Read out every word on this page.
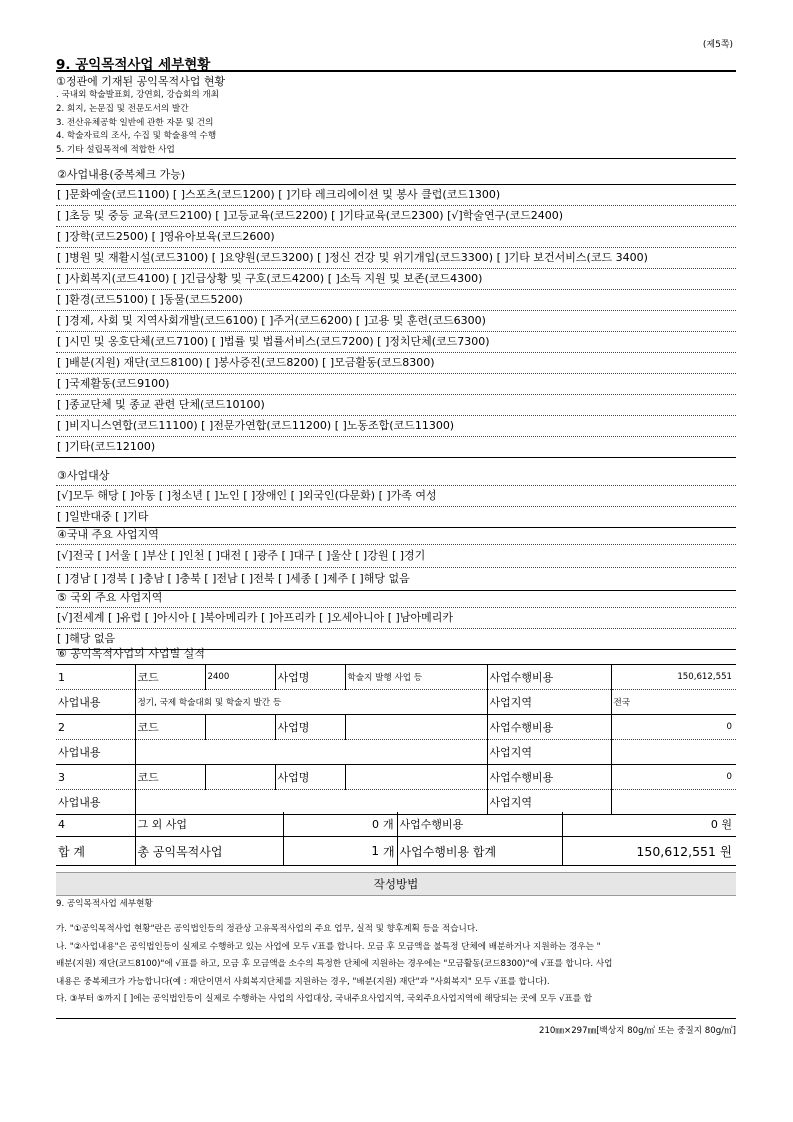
(제5쪽)
9. 공익목적사업 세부현황
①정관에 기재된 공익목적사업 현황
. 국내외 학술발표회, 강연회, 강습회의 개최
2. 회지, 논문집 및 전문도서의 발간
3. 전산유체공학 일반에 관한 자문 및 건의
4. 학술자료의 조사, 수집 및 학술용역 수행
5. 기타 설립목적에 적합한 사업
②사업내용(중복체크 가능)
[ ]문화예술(코드1100) [ ]스포츠(코드1200) [ ]기타 레크리에이션 및 봉사 클럽(코드1300)
[ ]초등 및 중등 교육(코드2100) [ ]고등교육(코드2200) [ ]기타교육(코드2300) [√]학술연구(코드2400)
[ ]장학(코드2500) [ ]영유아보육(코드2600)
[ ]병원 및 재활시설(코드3100) [ ]요양원(코드3200) [ ]정신 건강 및 위기개입(코드3300) [ ]기타 보건서비스(코드 3400)
[ ]사회복지(코드4100) [ ]긴급상황 및 구호(코드4200) [ ]소득 지원 및 보존(코드4300)
[ ]환경(코드5100) [ ]동물(코드5200)
[ ]경제, 사회 및 지역사회개발(코드6100) [ ]주거(코드6200) [ ]고용 및 훈련(코드6300)
[ ]시민 및 옹호단체(코드7100) [ ]법률 및 법률서비스(코드7200) [ ]정치단체(코드7300)
[ ]배분(지원) 재단(코드8100) [ ]봉사증진(코드8200) [ ]모금활동(코드8300)
[ ]국제활동(코드9100)
[ ]종교단체 및 종교 관련 단체(코드10100)
[ ]비지니스연합(코드11100) [ ]전문가연합(코드11200) [ ]노동조합(코드11300)
[ ]기타(코드12100)
③사업대상
[√]모두 해당 [ ]아동 [ ]청소년 [ ]노인 [ ]장애인 [ ]외국인(다문화) [ ]가족 여성
[ ]일반대중 [ ]기타
④국내 주요 사업지역
[√]전국 [ ]서울 [ ]부산 [ ]인천 [ ]대전 [ ]광주 [ ]대구 [ ]울산 [ ]강원 [ ]경기
[ ]경남 [ ]경북 [ ]충남 [ ]충북 [ ]전남 [ ]전북 [ ]세종 [ ]제주 [ ]해당 없음
⑤ 국외 주요 사업지역
[√]전세계 [ ]유럽 [ ]아시아 [ ]북아메리카 [ ]아프리카 [ ]오세아니아 [ ]남아메리카
[ ]해당 없음
⑥ 공익목적사업의 사업별 실적
1	코드	2400	사업명	학술지 발행 사업 등	사업수행비용	150,612,551
사업내용	정기, 국제 학술대회 및 학술지 발간 등				사업지역	전국
2	코드		사업명		사업수행비용	0
사업내용					사업지역	
3	코드		사업명		사업수행비용	0
사업내용					사업지역	
4	그 외 사업	0	개	사업수행비용	0 원
합 계	총 공익목적사업	1	개	사업수행비용 합계	150,612,551 원
작성방법
9. 공익목적사업 세부현황
가. "①공익목적사업 현황"란은 공익법인등의 정관상 고유목적사업의 주요 업무, 실적 및 향후계획 등을 적습니다.
나. "②사업내용"은 공익법인등이 실제로 수행하고 있는 사업에 모두 √표를 합니다. 모금 후 모금액을 불특정 단체에 배분하거나 지원하는 경우는 "
배분(지원) 재단(코드8100)"에 √표를 하고, 모금 후 모금액을 소수의 특정한 단체에 지원하는 경우에는 "모금활동(코드8300)"에 √표를 합니다. 사업
내용은 중복체크가 가능합니다(예 : 재단이면서 사회복지단체를 지원하는 경우, "배분(지원) 재단"과 "사회복지" 모두 √표를 합니다).
다. ③부터 ⑤까지 [ ]에는 공익법인등이 실제로 수행하는 사업의 사업대상, 국내주요사업지역, 국외주요사업지역에 해당되는 곳에 모두 √표를 합
210㎜×297㎜[백상지 80g/㎡ 또는 중질지 80g/㎡]
